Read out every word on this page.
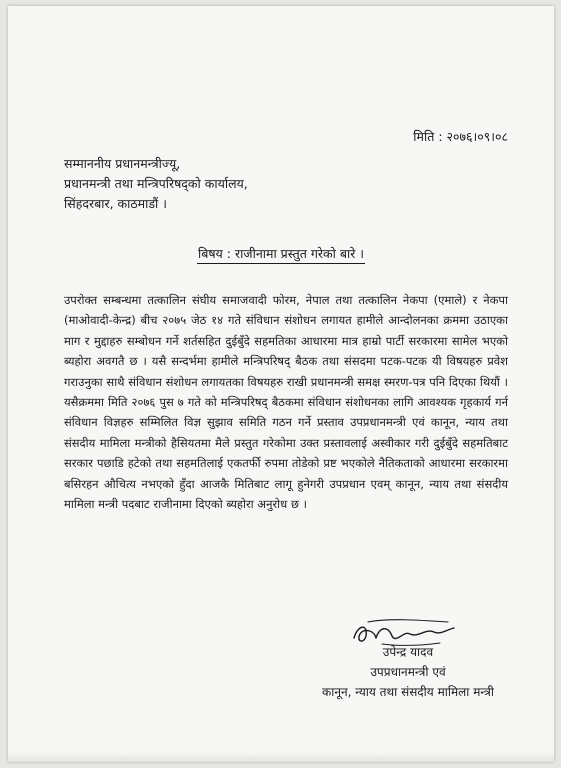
मिति : २०७६।०९।०८
सम्माननीय प्रधानमन्त्रीज्यू,
प्रधानमन्त्री तथा मन्त्रिपरिषद्को कार्यालय,
सिंहदरबार, काठमाडौं ।
बिषय : राजीनामा प्रस्तुत गरेको बारे ।

उपरोक्त सम्बन्धमा तत्कालिन संघीय समाजवादी फोरम, नेपाल तथा तत्कालिन नेकपा (एमाले) र नेकपा (माओवादी-केन्द्र) बीच २०७५ जेठ १४ गते संविधान संशोधन लगायत हामीले आन्दोलनका क्रममा उठाएका माग र मुद्दाहरु सम्बोधन गर्ने शर्तसहित दुईबुँदे सहमतिका आधारमा मात्र हाम्रो पार्टी सरकारमा सामेल भएको ब्यहोरा अवगतै छ । यसै सन्दर्भमा हामीले मन्त्रिपरिषद् बैठक तथा संसदमा पटक-पटक यी विषयहरु प्रवेश गराउनुका साथै संविधान संशोधन लगायतका विषयहरु राखी प्रधानमन्त्री समक्ष स्मरण-पत्र पनि दिएका थियौं । यसैक्रममा मिति २०७६ पुस ७ गते को मन्त्रिपरिषद् बैठकमा संविधान संशोधनका लागि आवश्यक गृहकार्य गर्न संविधान विज्ञहरु सम्मिलित विज्ञ सुझाव समिति गठन गर्ने प्रस्ताव उपप्रधानमन्त्री एवं कानून, न्याय तथा संसदीय मामिला मन्त्रीको हैसियतमा मैले प्रस्तुत गरेकोमा उक्त प्रस्तावलाई अस्वीकार गरी दुईबुँदे सहमतिबाट सरकार पछाडि हटेको तथा सहमतिलाई एकतर्फी रुपमा तोडेको प्रष्ट भएकोले नैतिकताको आधारमा सरकारमा बसिरहन औचित्य नभएको हुँदा आजकै मितिबाट लागू हुनेगरी उपप्रधान एवम् कानून, न्याय तथा संसदीय मामिला मन्त्री पदबाट राजीनामा दिएको ब्यहोरा अनुरोध छ ।

उपेन्द्र यादव
उपप्रधानमन्त्री एवं
कानून, न्याय तथा संसदीय मामिला मन्त्री
